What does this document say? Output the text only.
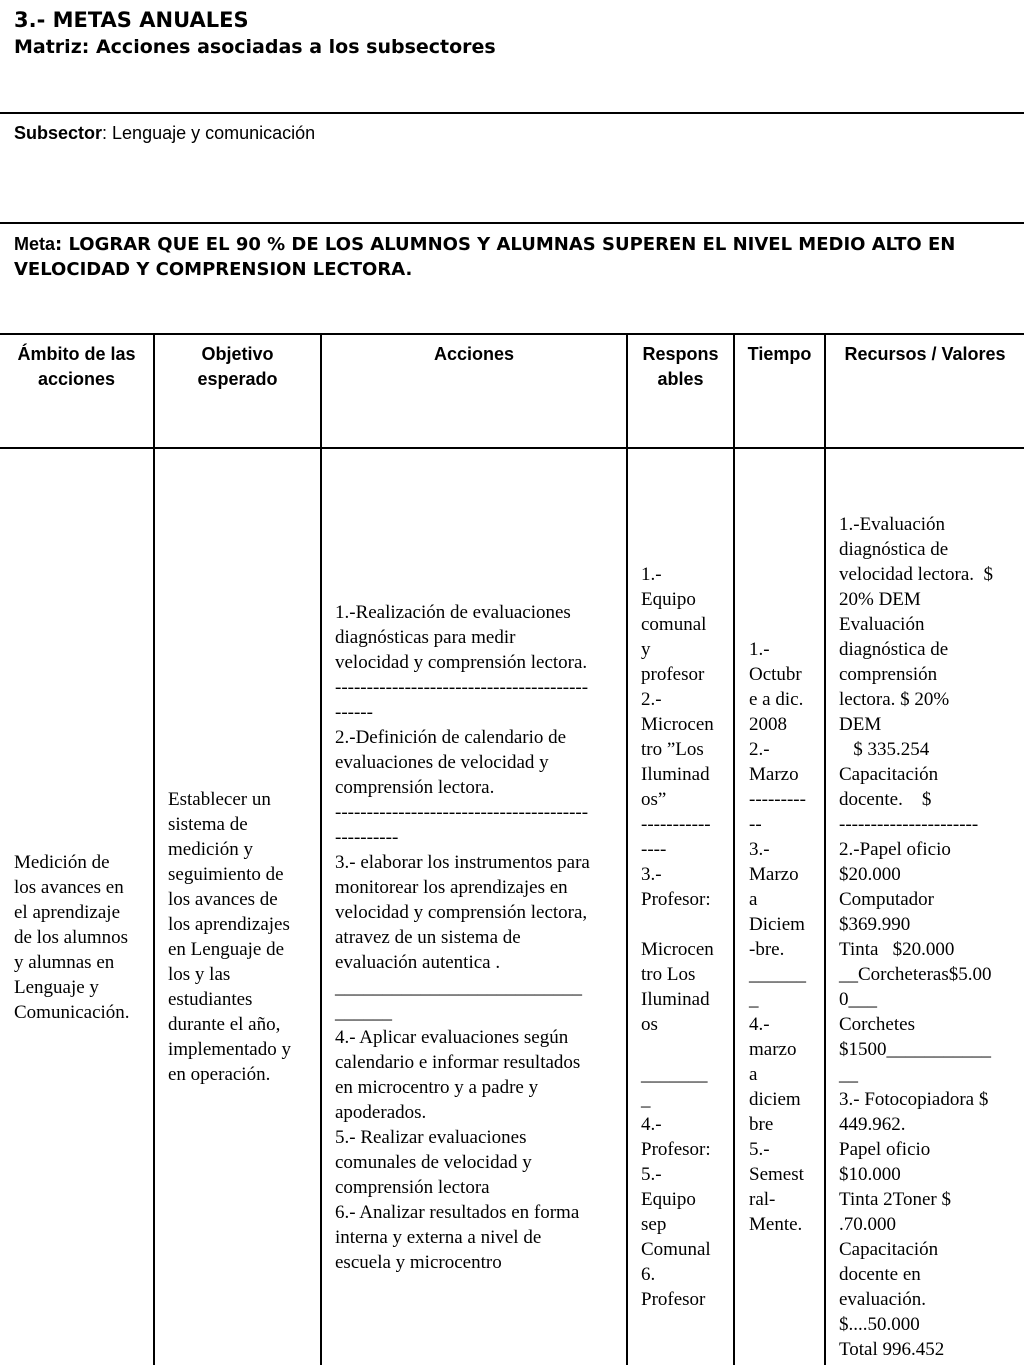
3.- METAS ANUALES
Matriz: Acciones asociadas a los subsectores
Subsector: Lenguaje y comunicación
Meta: LOGRAR QUE EL 90 % DE LOS ALUMNOS Y ALUMNAS SUPEREN EL NIVEL MEDIO ALTO EN VELOCIDAD Y COMPRENSION LECTORA.
Ámbito de las acciones
Objetivo esperado
Acciones	Respons ables
Tiempo	Recursos / Valores
Medición de
los avances en
el aprendizaje
de los alumnos
y alumnas en
Lenguaje y
Comunicación.
Establecer un
sistema de
medición y
seguimiento de
los avances de
los aprendizajes
en Lenguaje de
los y las
estudiantes
durante el año,
implementado y
en operación.
1.-Realización de evaluaciones
diagnósticas para medir
velocidad y comprensión lectora.
----------------------------------------
------
2.-Definición de calendario de
evaluaciones de velocidad y
comprensión lectora.
----------------------------------------
----------
3.- elaborar los instrumentos para
monitorear los aprendizajes en
velocidad y comprensión lectora,
atravez de un sistema de
evaluación autentica .
__________________________
______
4.- Aplicar evaluaciones según
calendario e informar resultados
en microcentro y a padre y
apoderados.
5.- Realizar evaluaciones
comunales de velocidad y
comprensión lectora
6.- Analizar resultados en forma
interna y externa a nivel de
escuela y microcentro
1.-
Equipo
comunal
y
profesor
2.-
Microcen
tro ”Los
Iluminad
os”
-----------
----
3.-
Profesor:

Microcen
tro Los
Iluminad
os

_______
_
4.-
Profesor:
5.-
Equipo
sep
Comunal
6.
Profesor
1.-
Octubr
e a dic.
2008
2.-
Marzo
---------
--
3.-
Marzo
a
Diciem
-bre.
______
_
4.-
marzo
a
diciem
bre
5.-
Semest
ral-
Mente.
1.-Evaluación
diagnóstica de
velocidad lectora.  $
20% DEM
Evaluación
diagnóstica de
comprensión
lectora. $ 20%
DEM
$ 335.254
Capacitación
docente.    $
----------------------
2.-Papel oficio
$20.000
Computador
$369.990
Tinta   $20.000
__Corcheteras$5.00
0___
Corchetes
$1500___________
__
3.- Fotocopiadora $
449.962.
Papel oficio
$10.000
Tinta 2Toner $
.70.000
Capacitación
docente en
evaluación.
$....50.000
Total 996.452
